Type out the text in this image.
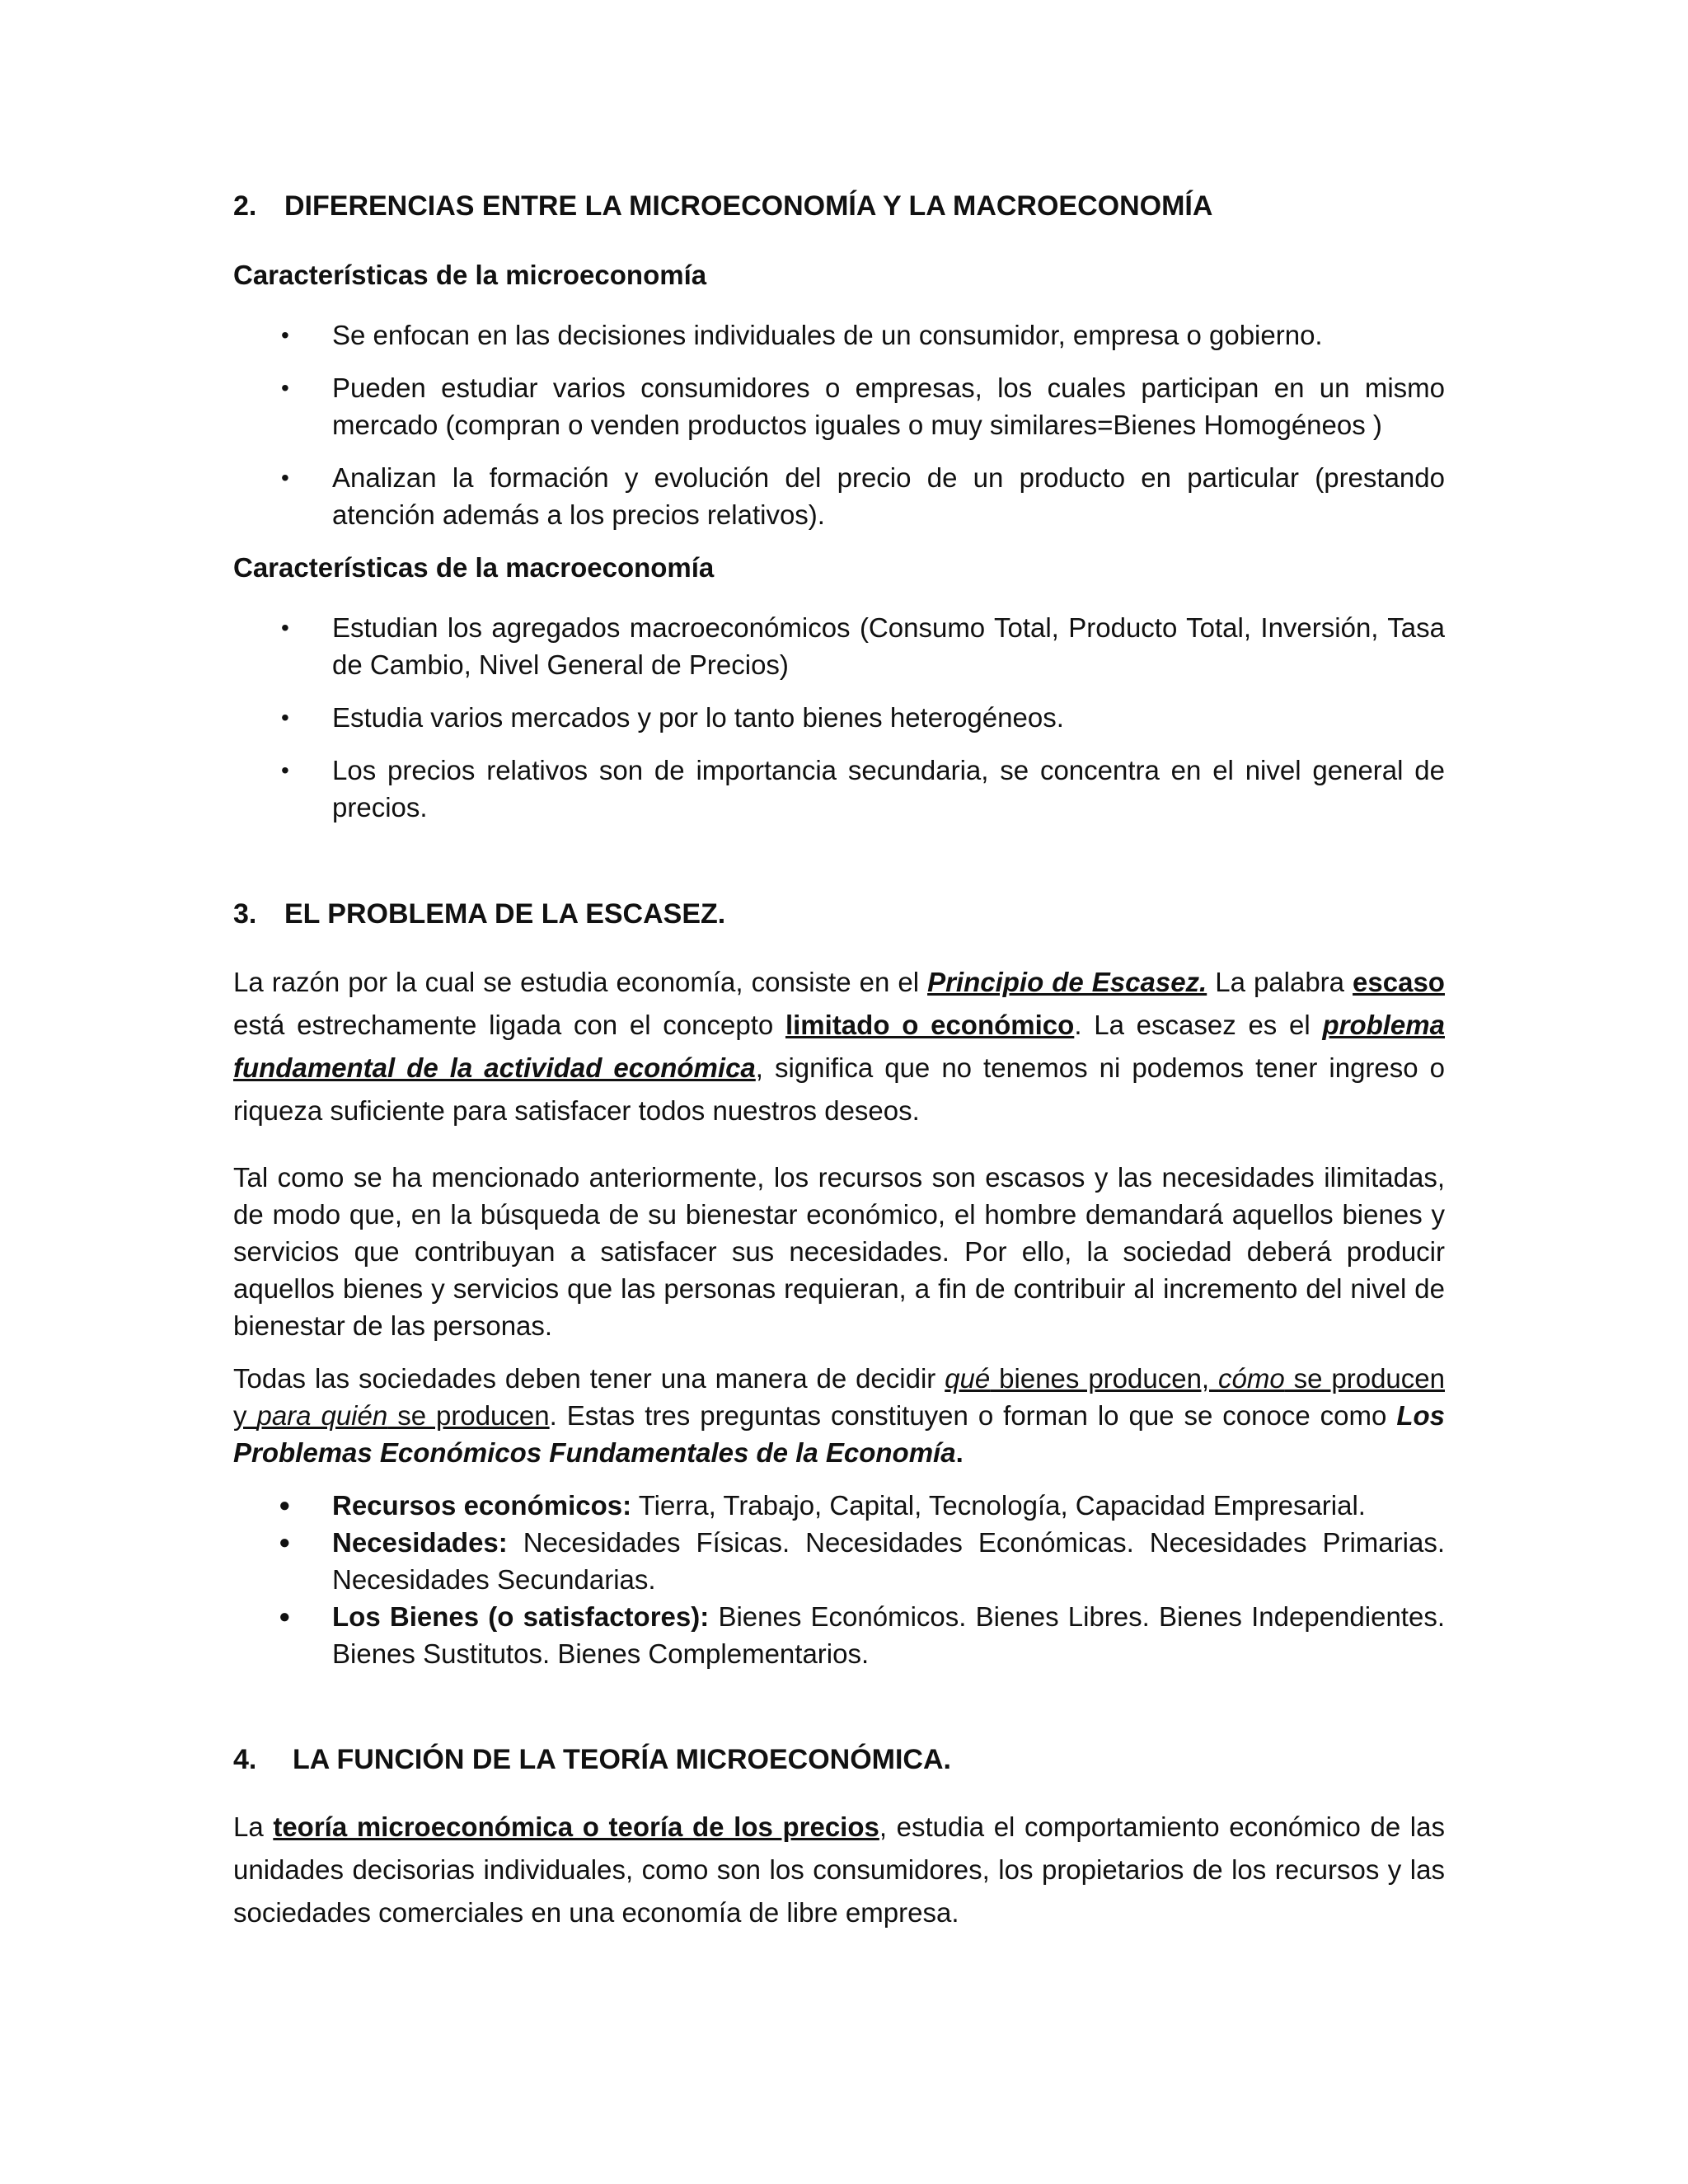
2. DIFERENCIAS ENTRE LA MICROECONOMÍA Y LA MACROECONOMÍA
Características de la microeconomía
• Se enfocan en las decisiones individuales de un consumidor, empresa o gobierno.
• Pueden estudiar varios consumidores o empresas, los cuales participan en un mismo mercado (compran o venden productos iguales o muy similares=Bienes Homogéneos )
• Analizan la formación y evolución del precio de un producto en particular (prestando atención además a los precios relativos).
Características de la macroeconomía
• Estudian los agregados macroeconómicos (Consumo Total, Producto Total, Inversión, Tasa de Cambio, Nivel General de Precios)
• Estudia varios mercados y por lo tanto bienes heterogéneos.
• Los precios relativos son de importancia secundaria, se concentra en el nivel general de precios.
3. EL PROBLEMA DE LA ESCASEZ.

La razón por la cual se estudia economía, consiste en el Principio de Escasez. La palabra escaso está estrechamente ligada con el concepto limitado o económico. La escasez es el problema fundamental de la actividad económica, significa que no tenemos ni podemos tener ingreso o riqueza suficiente para satisfacer todos nuestros deseos.

Tal como se ha mencionado anteriormente, los recursos son escasos y las necesidades ilimitadas, de modo que, en la búsqueda de su bienestar económico, el hombre demandará aquellos bienes y servicios que contribuyan a satisfacer sus necesidades. Por ello, la sociedad deberá producir aquellos bienes y servicios que las personas requieran, a fin de contribuir al incremento del nivel de bienestar de las personas.

Todas las sociedades deben tener una manera de decidir qué bienes producen, cómo se producen y para quién se producen. Estas tres preguntas constituyen o forman lo que se conoce como Los Problemas Económicos Fundamentales de la Economía.

● Recursos económicos: Tierra, Trabajo, Capital, Tecnología, Capacidad Empresarial.
● Necesidades: Necesidades Físicas. Necesidades Económicas. Necesidades Primarias. Necesidades Secundarias.
● Los Bienes (o satisfactores): Bienes Económicos. Bienes Libres. Bienes Independientes. Bienes Sustitutos. Bienes Complementarios.
4. LA FUNCIÓN DE LA TEORÍA MICROECONÓMICA.

La teoría microeconómica o teoría de los precios, estudia el comportamiento económico de las unidades decisorias individuales, como son los consumidores, los propietarios de los recursos y las sociedades comerciales en una economía de libre empresa.
